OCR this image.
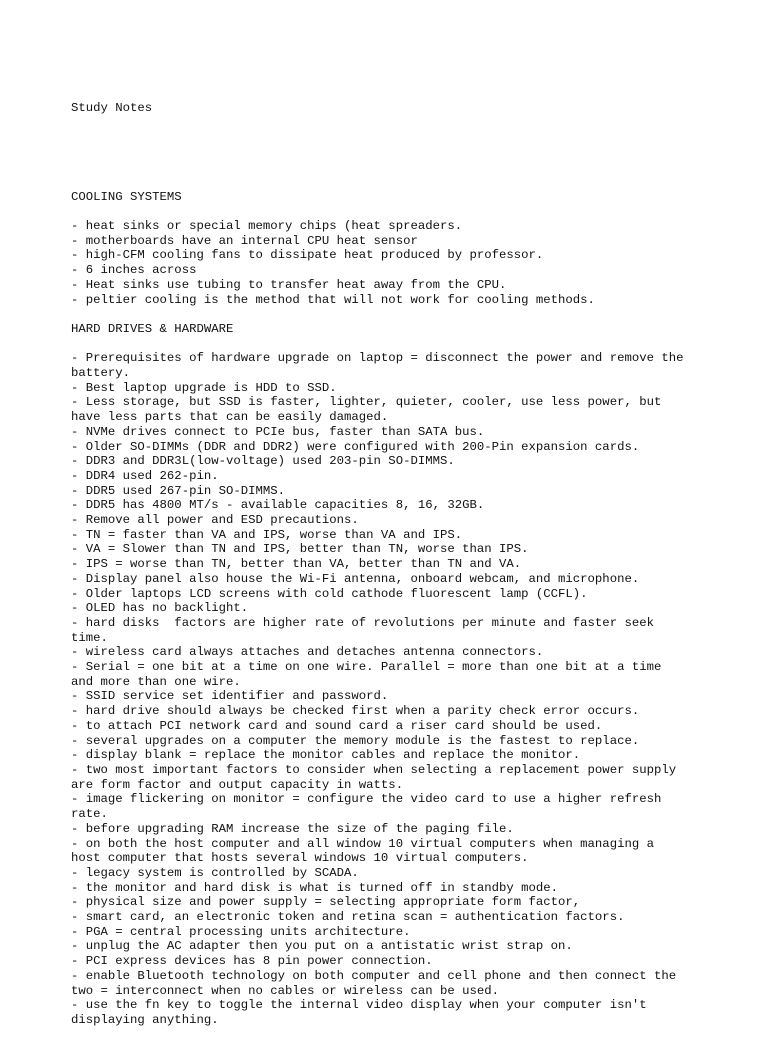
Study Notes

COOLING SYSTEMS
- heat sinks or special memory chips (heat spreaders.
- motherboards have an internal CPU heat sensor
- high-CFM cooling fans to dissipate heat produced by professor.
- 6 inches across
- Heat sinks use tubing to transfer heat away from the CPU.
- peltier cooling is the method that will not work for cooling methods.
HARD DRIVES & HARDWARE
- Prerequisites of hardware upgrade on laptop = disconnect the power and remove the
battery.
- Best laptop upgrade is HDD to SSD.
- Less storage, but SSD is faster, lighter, quieter, cooler, use less power, but
have less parts that can be easily damaged.
- NVMe drives connect to PCIe bus, faster than SATA bus.
- Older SO-DIMMs (DDR and DDR2) were configured with 200-Pin expansion cards.
- DDR3 and DDR3L(low-voltage) used 203-pin SO-DIMMS.
- DDR4 used 262-pin.
- DDR5 used 267-pin SO-DIMMS.
- DDR5 has 4800 MT/s - available capacities 8, 16, 32GB.
- Remove all power and ESD precautions.
- TN = faster than VA and IPS, worse than VA and IPS.
- VA = Slower than TN and IPS, better than TN, worse than IPS.
- IPS = worse than TN, better than VA, better than TN and VA.
- Display panel also house the Wi-Fi antenna, onboard webcam, and microphone.
- Older laptops LCD screens with cold cathode fluorescent lamp (CCFL).
- OLED has no backlight.
- hard disks  factors are higher rate of revolutions per minute and faster seek
time.
- wireless card always attaches and detaches antenna connectors.
- Serial = one bit at a time on one wire. Parallel = more than one bit at a time
and more than one wire.
- SSID service set identifier and password.
- hard drive should always be checked first when a parity check error occurs.
- to attach PCI network card and sound card a riser card should be used.
- several upgrades on a computer the memory module is the fastest to replace.
- display blank = replace the monitor cables and replace the monitor.
- two most important factors to consider when selecting a replacement power supply
are form factor and output capacity in watts.
- image flickering on monitor = configure the video card to use a higher refresh
rate.
- before upgrading RAM increase the size of the paging file.
- on both the host computer and all window 10 virtual computers when managing a
host computer that hosts several windows 10 virtual computers.
- legacy system is controlled by SCADA.
- the monitor and hard disk is what is turned off in standby mode.
- physical size and power supply = selecting appropriate form factor,
- smart card, an electronic token and retina scan = authentication factors.
- PGA = central processing units architecture.
- unplug the AC adapter then you put on a antistatic wrist strap on.
- PCI express devices has 8 pin power connection.
- enable Bluetooth technology on both computer and cell phone and then connect the
two = interconnect when no cables or wireless can be used.
- use the fn key to toggle the internal video display when your computer isn't
displaying anything.
